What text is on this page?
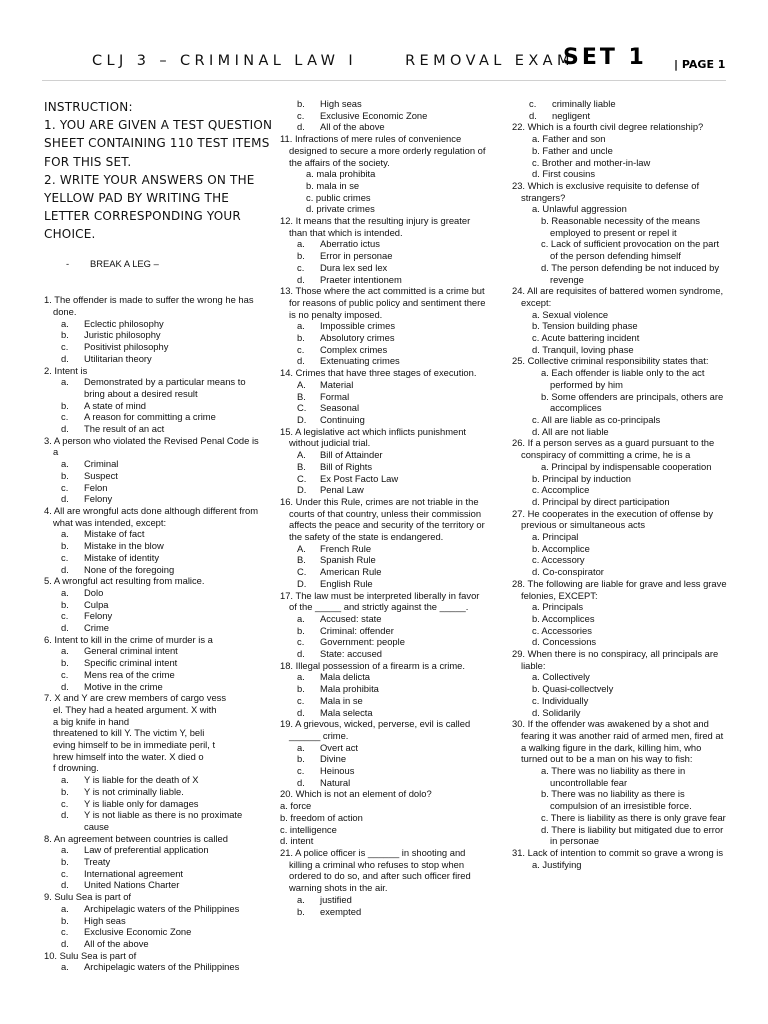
CLJ 3 – CRIMINAL LAW I	REMOVAL EXAM
SET 1 | PAGE 1
INSTRUCTION:
1. YOU ARE GIVEN A TEST QUESTION
SHEET CONTAINING 110 TEST ITEMS
FOR THIS SET.
2. WRITE YOUR ANSWERS ON THE
YELLOW PAD BY WRITING THE
LETTER CORRESPONDING YOUR
CHOICE.
- BREAK A LEG –
1. The offender is made to suffer the wrong he has done.
a.	Eclectic philosophy
b.	Juristic philosophy
c.	Positivist philosophy
d.	Utilitarian theory
2. Intent is
a.	Demonstrated by a particular means to bring about a desired result
b.	A state of mind
c.	A reason for committing a crime
d.	The result of an act
3. A person who violated the Revised Penal Code is a
a.	Criminal
b.	Suspect
c.	Felon
d.	Felony
4. All are wrongful acts done although different from what was intended, except:
a.	Mistake of fact
b.	Mistake in the blow
c.	Mistake of identity
d.	None of the foregoing
5. A wrongful act resulting from malice.
a.	Dolo
b.	Culpa
c.	Felony
d.	Crime
6. Intent to kill in the crime of murder is a
a.	General criminal intent
b.	Specific criminal intent
c.	Mens rea of the crime
d.	Motive in the crime
7. X and Y are crew members of cargo vess
el. They had a heated argument. X with
a big knife in hand
threatened to kill Y. The victim Y, beli
eving himself to be in immediate peril, t
hrew himself into the water. X died o
f drowning.
a.	Y is liable for the death of X
b.	Y is not criminally liable.
c.	Y is liable only for damages
d.	Y is not liable as there is no proximate cause
8. An agreement between countries is called
a.	Law of preferential application
b.	Treaty
c.	International agreement
d.	United Nations Charter
9. Sulu Sea is part of
a.	Archipelagic waters of the Philippines
b.	High seas
c.	Exclusive Economic Zone
d.	All of the above
10. Sulu Sea is part of
a.	Archipelagic waters of the Philippines
b.	High seas
c.	Exclusive Economic Zone
d.	All of the above
11. Infractions of mere rules of convenience designed to secure a more orderly regulation of the affairs of the society.
a. mala prohibita
b. mala in se
c. public crimes
d. private crimes
12. It means that the resulting injury is greater than that which is intended.
a.	Aberratio ictus
b.	Error in personae
c.	Dura lex sed lex
d.	Praeter intentionem
13. Those where the act committed is a crime but for reasons of public policy and sentiment there is no penalty imposed.
a.	Impossible crimes
b.	Absolutory crimes
c.	Complex crimes
d.	Extenuating crimes
14. Crimes that have three stages of execution.
A.	Material
B.	Formal
C.	Seasonal
D.	Continuing
15. A legislative act which inflicts punishment without judicial trial.
A.	Bill of Attainder
B.	Bill of Rights
C.	Ex Post Facto Law
D.	Penal Law
16. Under this Rule, crimes are not triable in the courts of that country, unless their commission affects the peace and security of the territory or the safety of the state is endangered.
A.	French Rule
B.	Spanish Rule
C.	American Rule
D.	English Rule
17. The law must be interpreted liberally in favor of the _____ and strictly against the _____.
a.	Accused: state
b.	Criminal: offender
c.	Government: people
d.	State: accused
18. Illegal possession of a firearm is a crime.
a.	Mala delicta
b.	Mala prohibita
c.	Mala in se
d.	Mala selecta
19. A grievous, wicked, perverse, evil is called ______ crime.
a.	Overt act
b.	Divine
c.	Heinous
d.	Natural
20. Which is not an element of dolo?
a. force
b. freedom of action
c. intelligence
d. intent
21. A police officer is ______ in shooting and killing a criminal who refuses to stop when ordered to do so, and after such officer fired warning shots in the air.
a.	justified
b.	exempted
c.	criminally liable
d.	negligent
22. Which is a fourth civil degree relationship?
a. Father and son
b. Father and uncle
c. Brother and mother-in-law
d. First cousins
23. Which is exclusive requisite to defense of strangers?
a. Unlawful aggression
b. Reasonable necessity of the means employed to present or repel it
c. Lack of sufficient provocation on the part of the person defending himself
d. The person defending be not induced by revenge
24. All are requisites of battered women syndrome, except:
a. Sexual violence
b. Tension building phase
c. Acute battering incident
d. Tranquil, loving phase
25. Collective criminal responsibility states that:
a. Each offender is liable only to the act performed by him
b. Some offenders are principals, others are accomplices
c. All are liable as co-principals
d. All are not liable
26. If a person serves as a guard pursuant to the conspiracy of committing a crime, he is a
a. Principal by indispensable cooperation
b. Principal by induction
c. Accomplice
d. Principal by direct participation
27. He cooperates in the execution of offense by previous or simultaneous acts
a. Principal
b. Accomplice
c. Accessory
d. Co-conspirator
28. The following are liable for grave and less grave felonies, EXCEPT:
a. Principals
b. Accomplices
c. Accessories
d. Concessions
29. When there is no conspiracy, all principals are liable:
a. Collectively
b. Quasi-collectvely
c. Individually
d. Solidarily
30. If the offender was awakened by a shot and fearing it was another raid of armed men, fired at a walking figure in the dark, killing him, who turned out to be a man on his way to fish:
a. There was no liability as there in uncontrollable fear
b. There was no liability as there is compulsion of an irresistible force.
c. There is liability as there is only grave fear
d. There is liability but mitigated due to error in personae
31. Lack of intention to commit so grave a wrong is
a. Justifying
